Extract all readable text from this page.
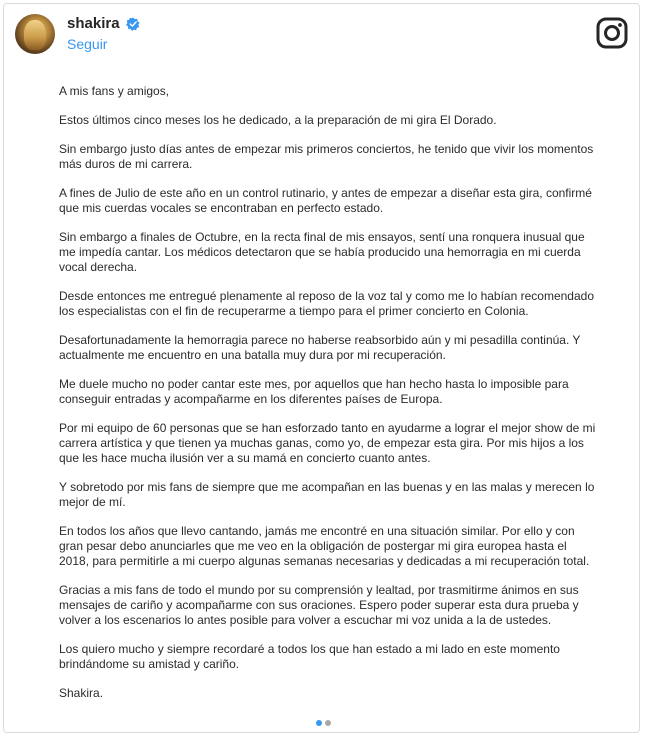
shakira
Seguir

A mis fans y amigos,

Estos últimos cinco meses los he dedicado, a la preparación de mi gira El Dorado.

Sin embargo justo días antes de empezar mis primeros conciertos, he tenido que vivir los momentos más duros de mi carrera.

A fines de Julio de este año en un control rutinario, y antes de empezar a diseñar esta gira, confirmé que mis cuerdas vocales se encontraban en perfecto estado.

Sin embargo a finales de Octubre, en la recta final de mis ensayos, sentí una ronquera inusual que me impedía cantar. Los médicos detectaron que se había producido una hemorragia en mi cuerda vocal derecha.

Desde entonces me entregué plenamente al reposo de la voz tal y como me lo habían recomendado los especialistas con el fin de recuperarme a tiempo para el primer concierto en Colonia.

Desafortunadamente la hemorragia parece no haberse reabsorbido aún y mi pesadilla continúa. Y actualmente me encuentro en una batalla muy dura por mi recuperación.

Me duele mucho no poder cantar este mes, por aquellos que han hecho hasta lo imposible para conseguir entradas y acompañarme en los diferentes países de Europa.

Por mi equipo de 60 personas que se han esforzado tanto en ayudarme a lograr el mejor show de mi carrera artística y que tienen ya muchas ganas, como yo, de empezar esta gira. Por mis hijos a los que les hace mucha ilusión ver a su mamá en concierto cuanto antes.

Y sobretodo por mis fans de siempre que me acompañan en las buenas y en las malas y merecen lo mejor de mí.

En todos los años que llevo cantando, jamás me encontré en una situación similar. Por ello y con gran pesar debo anunciarles que me veo en la obligación de postergar mi gira europea hasta el 2018, para permitirle a mi cuerpo algunas semanas necesarias y dedicadas a mi recuperación total.

Gracias a mis fans de todo el mundo por su comprensión y lealtad, por trasmitirme ánimos en sus mensajes de cariño y acompañarme con sus oraciones. Espero poder superar esta dura prueba y volver a los escenarios lo antes posible para volver a escuchar mi voz unida a la de ustedes.

Los quiero mucho y siempre recordaré a todos los que han estado a mi lado en este momento brindándome su amistad y cariño.

Shakira.
